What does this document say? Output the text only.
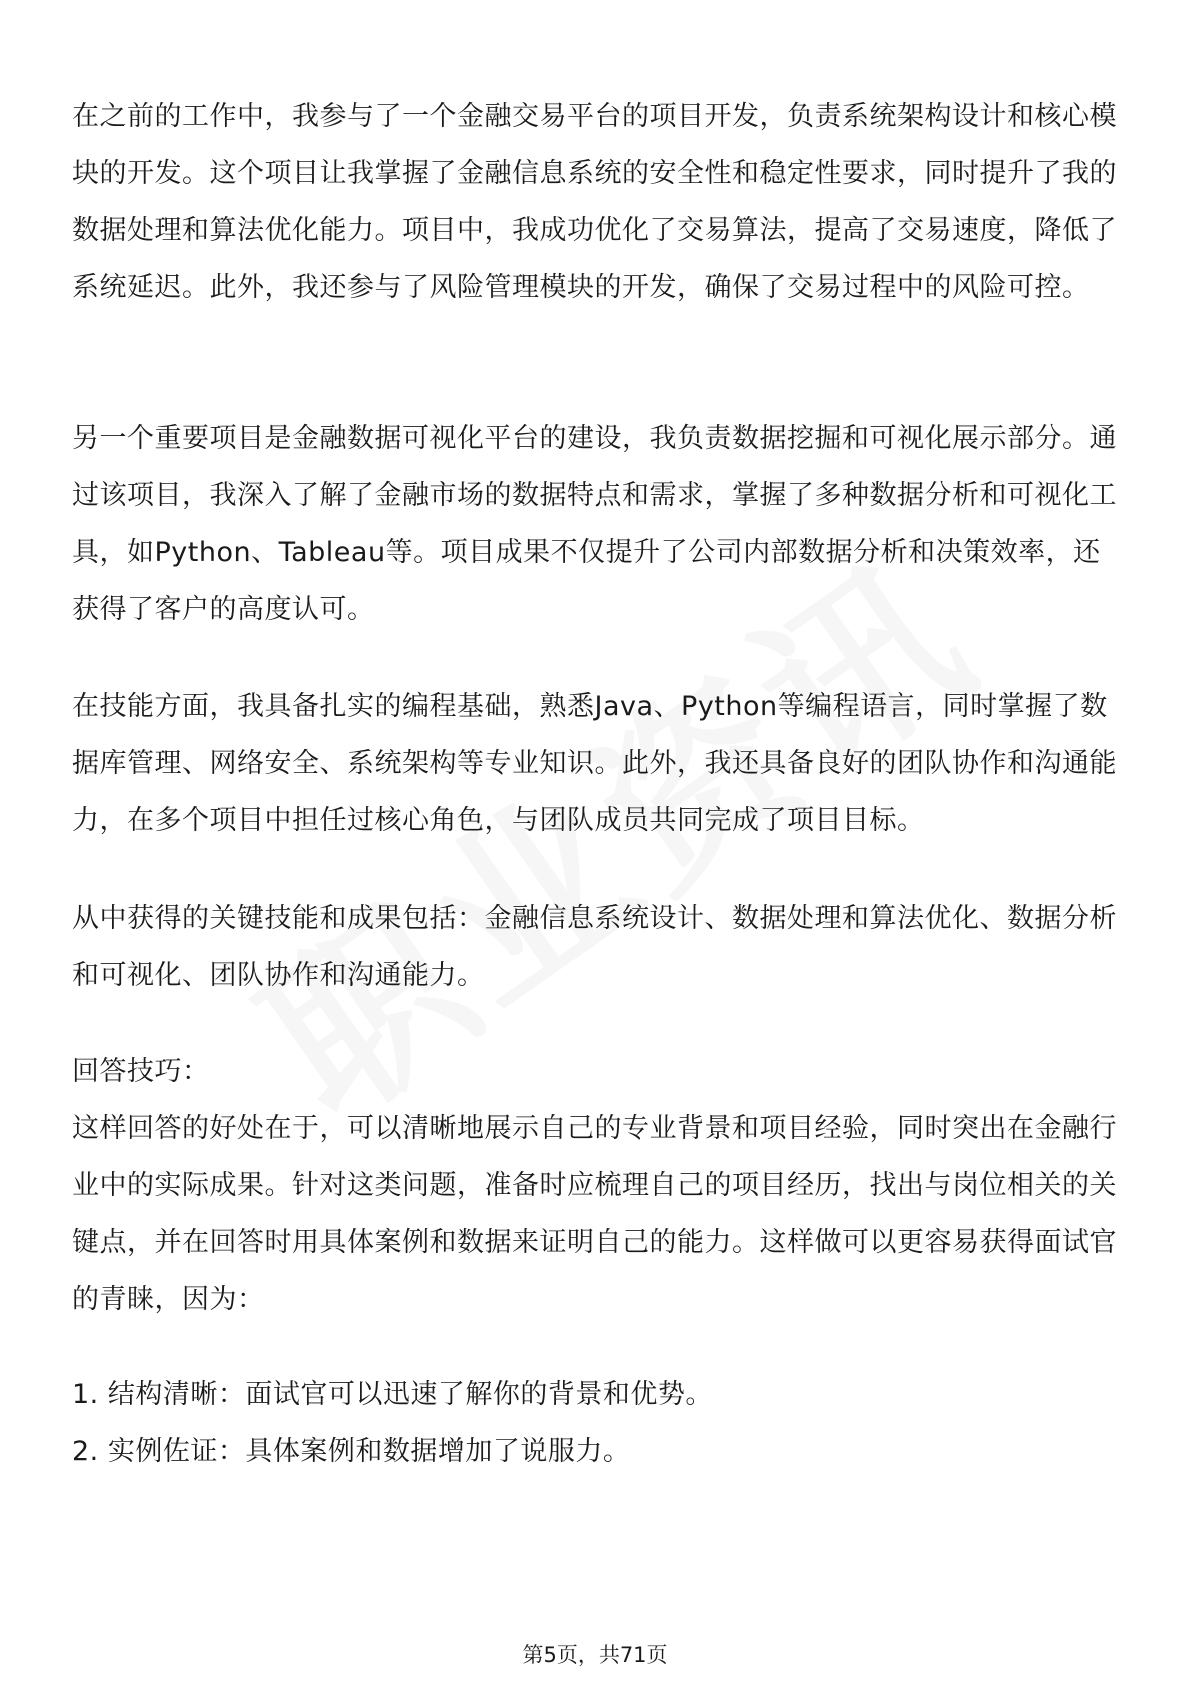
在之前的工作中，我参与了一个金融交易平台的项目开发，负责系统架构设计和核心模块的开发。这个项目让我掌握了金融信息系统的安全性和稳定性要求，同时提升了我的数据处理和算法优化能力。项目中，我成功优化了交易算法，提高了交易速度，降低了系统延迟。此外，我还参与了风险管理模块的开发，确保了交易过程中的风险可控。

另一个重要项目是金融数据可视化平台的建设，我负责数据挖掘和可视化展示部分。通过该项目，我深入了解了金融市场的数据特点和需求，掌握了多种数据分析和可视化工具，如Python、Tableau等。项目成果不仅提升了公司内部数据分析和决策效率，还获得了客户的高度认可。

在技能方面，我具备扎实的编程基础，熟悉Java、Python等编程语言，同时掌握了数据库管理、网络安全、系统架构等专业知识。此外，我还具备良好的团队协作和沟通能力，在多个项目中担任过核心角色，与团队成员共同完成了项目目标。

从中获得的关键技能和成果包括：金融信息系统设计、数据处理和算法优化、数据分析和可视化、团队协作和沟通能力。

回答技巧：

这样回答的好处在于，可以清晰地展示自己的专业背景和项目经验，同时突出在金融行业中的实际成果。针对这类问题，准备时应梳理自己的项目经历，找出与岗位相关的关键点，并在回答时用具体案例和数据来证明自己的能力。这样做可以更容易获得面试官的青睐，因为：

1. 结构清晰：面试官可以迅速了解你的背景和优势。

2. 实例佐证：具体案例和数据增加了说服力。

第5页，共71页
